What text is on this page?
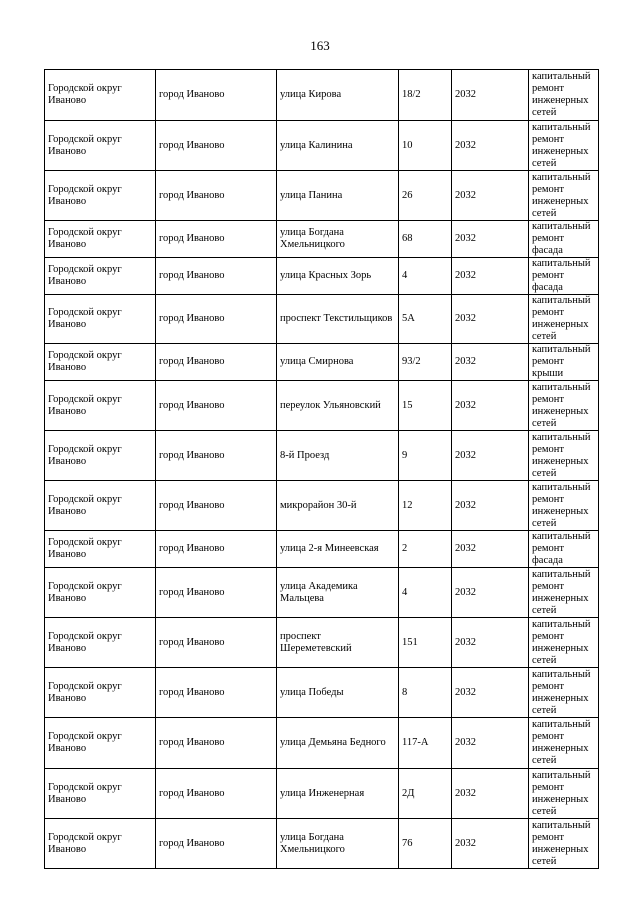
163
Городской округ Иваново	город Иваново	улица Кирова	18/2	2032	капитальный ремонт инженерных сетей
Городской округ Иваново	город Иваново	улица Калинина	10	2032	капитальный ремонт инженерных сетей
Городской округ Иваново	город Иваново	улица Панина	26	2032	капитальный ремонт инженерных сетей
Городской округ Иваново	город Иваново	улица Богдана Хмельницкого	68	2032	капитальный ремонт фасада
Городской округ Иваново	город Иваново	улица Красных Зорь	4	2032	капитальный ремонт фасада
Городской округ Иваново	город Иваново	проспект Текстильщиков	5А	2032	капитальный ремонт инженерных сетей
Городской округ Иваново	город Иваново	улица Смирнова	93/2	2032	капитальный ремонт крыши
Городской округ Иваново	город Иваново	переулок Ульяновский	15	2032	капитальный ремонт инженерных сетей
Городской округ Иваново	город Иваново	8-й Проезд	9	2032	капитальный ремонт инженерных сетей
Городской округ Иваново	город Иваново	микрорайон 30-й	12	2032	капитальный ремонт инженерных сетей
Городской округ Иваново	город Иваново	улица 2-я Минеевская	2	2032	капитальный ремонт фасада
Городской округ Иваново	город Иваново	улица Академика Мальцева	4	2032	капитальный ремонт инженерных сетей
Городской округ Иваново	город Иваново	проспект Шереметевский	151	2032	капитальный ремонт инженерных сетей
Городской округ Иваново	город Иваново	улица Победы	8	2032	капитальный ремонт инженерных сетей
Городской округ Иваново	город Иваново	улица Демьяна Бедного	117-А	2032	капитальный ремонт инженерных сетей
Городской округ Иваново	город Иваново	улица Инженерная	2Д	2032	капитальный ремонт инженерных сетей
Городской округ Иваново	город Иваново	улица Богдана Хмельницкого	76	2032	капитальный ремонт инженерных сетей
